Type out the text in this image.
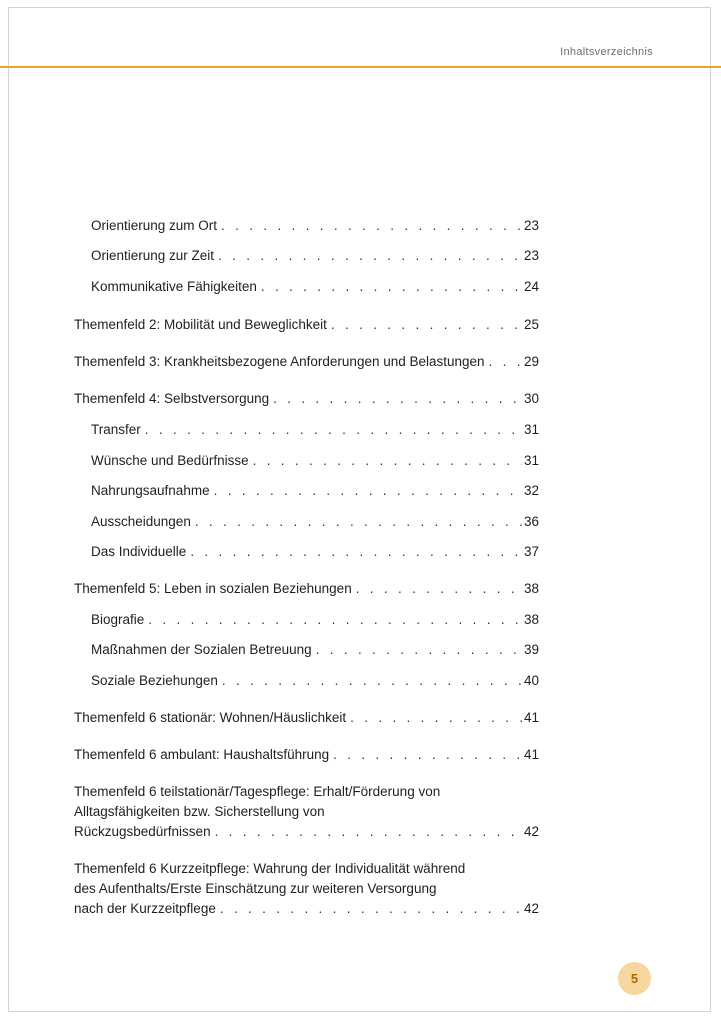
Inhaltsverzeichnis
Orientierung zum Ort . . .	23
Orientierung zur Zeit . . .	23
Kommunikative Fähigkeiten . . .	24
Themenfeld 2: Mobilität und Beweglichkeit . . .	25
Themenfeld 3: Krankheitsbezogene Anforderungen und Belastungen . . .	29
Themenfeld 4: Selbstversorgung . . .	30
Transfer . . .	31
Wünsche und Bedürfnisse . . .	31
Nahrungsaufnahme . . .	32
Ausscheidungen . . .	36
Das Individuelle . . .	37
Themenfeld 5: Leben in sozialen Beziehungen . . .	38
Biografie . . .	38
Maßnahmen der Sozialen Betreuung . . .	39
Soziale Beziehungen . . .	40
Themenfeld 6 stationär: Wohnen/Häuslichkeit . . .	41
Themenfeld 6 ambulant: Haushaltsführung . . .	41
Themenfeld 6 teilstationär/Tagespflege: Erhalt/Förderung von
Alltagsfähigkeiten bzw. Sicherstellung von
Rückzugsbedürfnissen . . .	42
Themenfeld 6 Kurzzeitpflege: Wahrung der Individualität während
des Aufenthalts/Erste Einschätzung zur weiteren Versorgung
nach der Kurzzeitpflege . . .	42
5
